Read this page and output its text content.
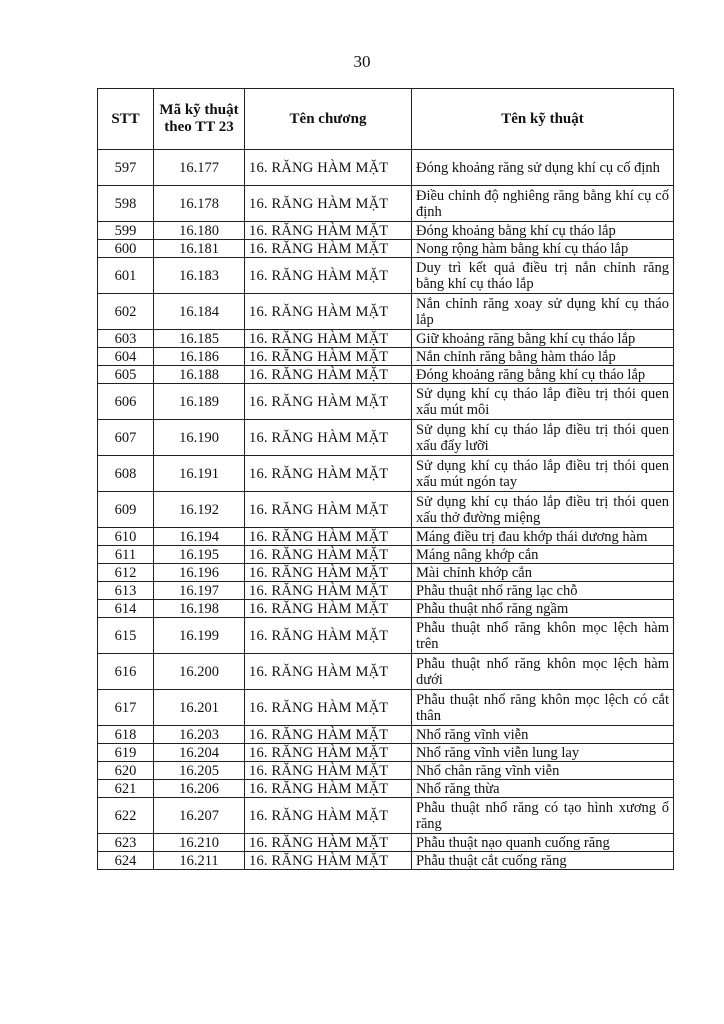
30
STT	Mã kỹ thuật theo TT 23	Tên chương	Tên kỹ thuật
597	16.177	16. RĂNG HÀM MẶT	Đóng khoảng răng sử dụng khí cụ cố định
598	16.178	16. RĂNG HÀM MẶT	Điều chỉnh độ nghiêng răng bằng khí cụ cố định
599	16.180	16. RĂNG HÀM MẶT	Đóng khoảng bằng khí cụ tháo lắp
600	16.181	16. RĂNG HÀM MẶT	Nong rộng hàm bằng khí cụ tháo lắp
601	16.183	16. RĂNG HÀM MẶT	Duy trì kết quả điều trị nắn chỉnh răng bằng khí cụ tháo lắp
602	16.184	16. RĂNG HÀM MẶT	Nắn chỉnh răng xoay sử dụng khí cụ tháo lắp
603	16.185	16. RĂNG HÀM MẶT	Giữ khoảng răng bằng khí cụ tháo lắp
604	16.186	16. RĂNG HÀM MẶT	Nắn chỉnh răng bằng hàm tháo lắp
605	16.188	16. RĂNG HÀM MẶT	Đóng khoảng răng bằng khí cụ tháo lắp
606	16.189	16. RĂNG HÀM MẶT	Sử dụng khí cụ tháo lắp điều trị thói quen xấu mút môi
607	16.190	16. RĂNG HÀM MẶT	Sử dụng khí cụ tháo lắp điều trị thói quen xấu đẩy lưỡi
608	16.191	16. RĂNG HÀM MẶT	Sử dụng khí cụ tháo lắp điều trị thói quen xấu mút ngón tay
609	16.192	16. RĂNG HÀM MẶT	Sử dụng khí cụ tháo lắp điều trị thói quen xấu thở đường miệng
610	16.194	16. RĂNG HÀM MẶT	Máng điều trị đau khớp thái dương hàm
611	16.195	16. RĂNG HÀM MẶT	Máng nâng khớp cắn
612	16.196	16. RĂNG HÀM MẶT	Mài chỉnh khớp cắn
613	16.197	16. RĂNG HÀM MẶT	Phẫu thuật nhổ răng lạc chỗ
614	16.198	16. RĂNG HÀM MẶT	Phẫu thuật nhổ răng ngầm
615	16.199	16. RĂNG HÀM MẶT	Phẫu thuật nhổ răng khôn mọc lệch hàm trên
616	16.200	16. RĂNG HÀM MẶT	Phẫu thuật nhổ răng khôn mọc lệch hàm dưới
617	16.201	16. RĂNG HÀM MẶT	Phẫu thuật nhổ răng khôn mọc lệch có cắt thân
618	16.203	16. RĂNG HÀM MẶT	Nhổ răng vĩnh viễn
619	16.204	16. RĂNG HÀM MẶT	Nhổ răng vĩnh viễn lung lay
620	16.205	16. RĂNG HÀM MẶT	Nhổ chân răng vĩnh viễn
621	16.206	16. RĂNG HÀM MẶT	Nhổ răng thừa
622	16.207	16. RĂNG HÀM MẶT	Phẫu thuật nhổ răng có tạo hình xương ổ răng
623	16.210	16. RĂNG HÀM MẶT	Phẫu thuật nạo quanh cuống răng
624	16.211	16. RĂNG HÀM MẶT	Phẫu thuật cắt cuống răng
